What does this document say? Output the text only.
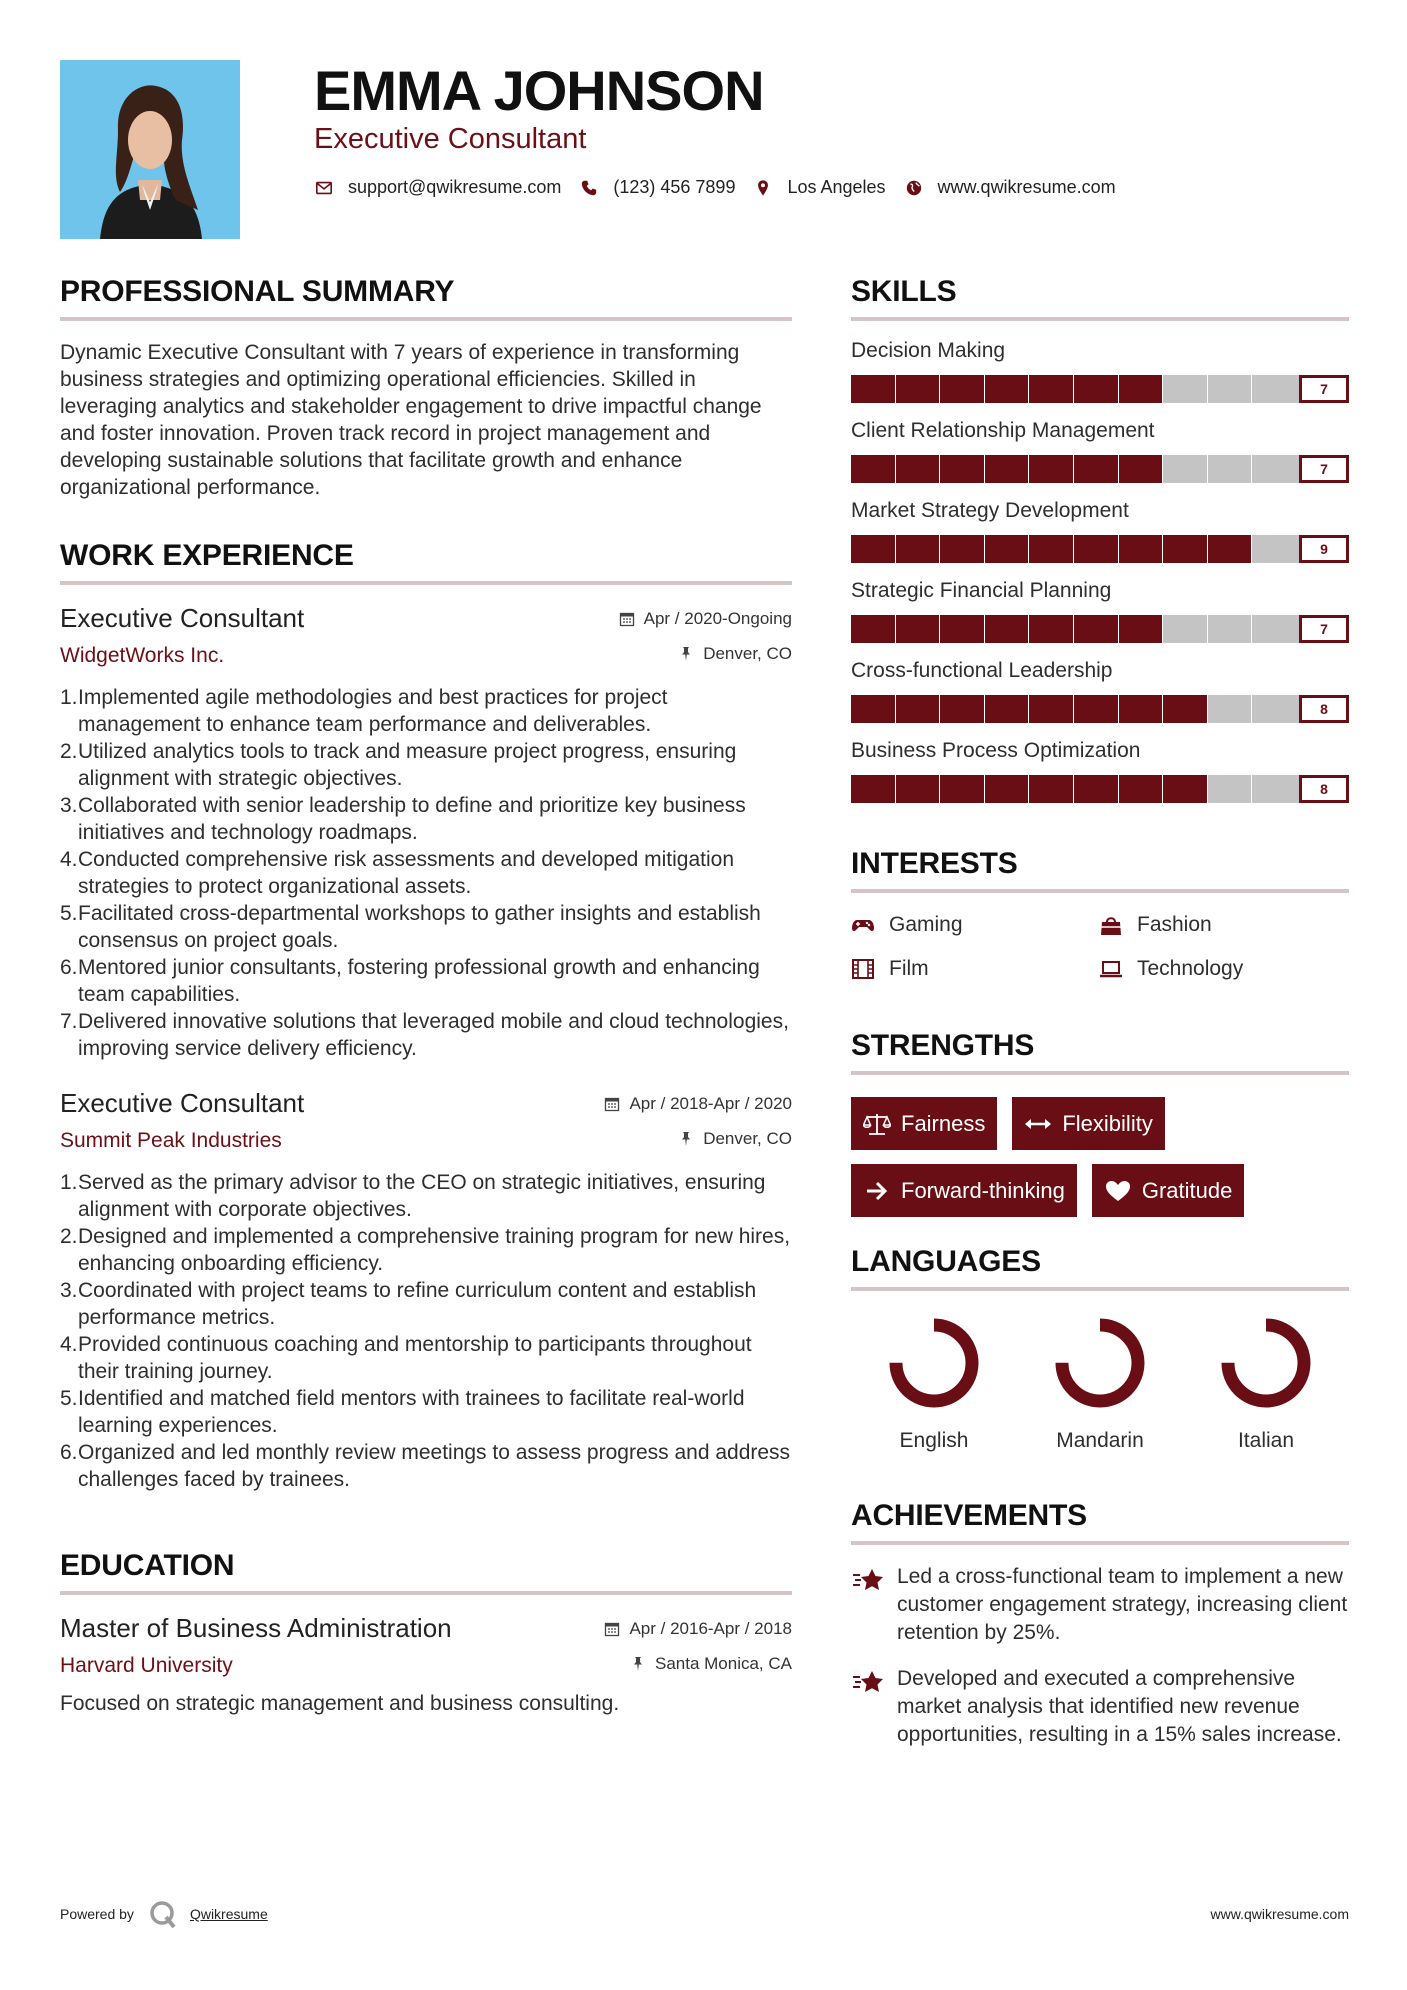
EMMA JOHNSON
Executive Consultant
support@qwikresume.com	(123) 456 7899	Los Angeles	www.qwikresume.com
PROFESSIONAL SUMMARY

Dynamic Executive Consultant with 7 years of experience in transforming business strategies and optimizing operational efficiencies. Skilled in leveraging analytics and stakeholder engagement to drive impactful change and foster innovation. Proven track record in project management and developing sustainable solutions that facilitate growth and enhance organizational performance.

WORK EXPERIENCE
Executive Consultant
WidgetWorks Inc.
Apr / 2020-Ongoing
Denver, CO
1. Implemented agile methodologies and best practices for project management to enhance team performance and deliverables.
2. Utilized analytics tools to track and measure project progress, ensuring alignment with strategic objectives.
3. Collaborated with senior leadership to define and prioritize key business initiatives and technology roadmaps.
4. Conducted comprehensive risk assessments and developed mitigation strategies to protect organizational assets.
5. Facilitated cross-departmental workshops to gather insights and establish consensus on project goals.
6. Mentored junior consultants, fostering professional growth and enhancing team capabilities.
7. Delivered innovative solutions that leveraged mobile and cloud technologies, improving service delivery efficiency.
Executive Consultant
Summit Peak Industries
Apr / 2018-Apr / 2020
Denver, CO
1. Served as the primary advisor to the CEO on strategic initiatives, ensuring alignment with corporate objectives.
2. Designed and implemented a comprehensive training program for new hires, enhancing onboarding efficiency.
3. Coordinated with project teams to refine curriculum content and establish performance metrics.
4. Provided continuous coaching and mentorship to participants throughout their training journey.
5. Identified and matched field mentors with trainees to facilitate real-world learning experiences.
6. Organized and led monthly review meetings to assess progress and address challenges faced by trainees.
EDUCATION
Master of Business Administration
Harvard University
Apr / 2016-Apr / 2018
Santa Monica, CA

Focused on strategic management and business consulting.

SKILLS
Decision Making
7
Client Relationship Management
7
Market Strategy Development
9
Strategic Financial Planning
7
Cross-functional Leadership
8
Business Process Optimization
8
INTERESTS
Gaming	Fashion
Film	Technology
STRENGTHS
Fairness	Flexibility
Forward-thinking	Gratitude
LANGUAGES
English	Mandarin	Italian
ACHIEVEMENTS
Led a cross-functional team to implement a new customer engagement strategy, increasing client retention by 25%.
Developed and executed a comprehensive market analysis that identified new revenue opportunities, resulting in a 15% sales increase.
Powered by	Qwikresume	www.qwikresume.com
